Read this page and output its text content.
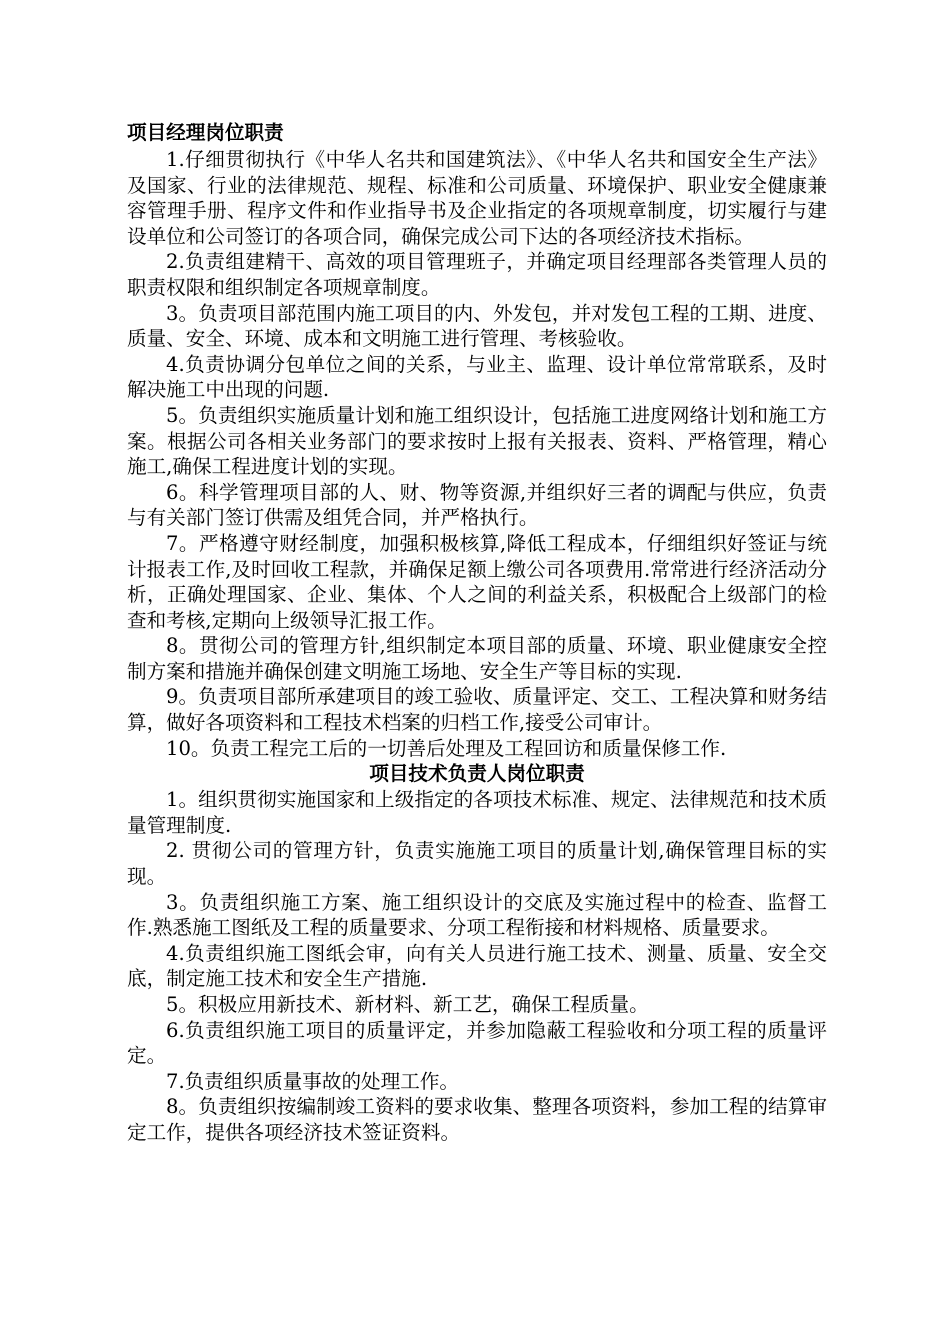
项目经理岗位职责

1.仔细贯彻执行《中华人名共和国建筑法》、《中华人名共和国安全生产法》及国家、行业的法律规范、规程、标准和公司质量、环境保护、职业安全健康兼容管理手册、程序文件和作业指导书及企业指定的各项规章制度，切实履行与建设单位和公司签订的各项合同，确保完成公司下达的各项经济技术指标。

2.负责组建精干、高效的项目管理班子，并确定项目经理部各类管理人员的职责权限和组织制定各项规章制度。

3。负责项目部范围内施工项目的内、外发包，并对发包工程的工期、进度、质量、安全、环境、成本和文明施工进行管理、考核验收。

4.负责协调分包单位之间的关系，与业主、监理、设计单位常常联系，及时解决施工中出现的问题.

5。负责组织实施质量计划和施工组织设计，包括施工进度网络计划和施工方案。根据公司各相关业务部门的要求按时上报有关报表、资料、严格管理，精心施工,确保工程进度计划的实现。

6。科学管理项目部的人、财、物等资源,并组织好三者的调配与供应，负责与有关部门签订供需及组凭合同，并严格执行。

7。严格遵守财经制度，加强积极核算,降低工程成本，仔细组织好签证与统计报表工作,及时回收工程款，并确保足额上缴公司各项费用.常常进行经济活动分析，正确处理国家、企业、集体、个人之间的利益关系，积极配合上级部门的检查和考核,定期向上级领导汇报工作。

8。贯彻公司的管理方针,组织制定本项目部的质量、环境、职业健康安全控制方案和措施并确保创建文明施工场地、安全生产等目标的实现.

9。负责项目部所承建项目的竣工验收、质量评定、交工、工程决算和财务结算，做好各项资料和工程技术档案的归档工作,接受公司审计。

10。负责工程完工后的一切善后处理及工程回访和质量保修工作.

项目技术负责人岗位职责

1。组织贯彻实施国家和上级指定的各项技术标准、规定、法律规范和技术质量管理制度.

2. 贯彻公司的管理方针，负责实施施工项目的质量计划,确保管理目标的实现。

3。负责组织施工方案、施工组织设计的交底及实施过程中的检查、监督工作.熟悉施工图纸及工程的质量要求、分项工程衔接和材料规格、质量要求。

4.负责组织施工图纸会审，向有关人员进行施工技术、测量、质量、安全交底，制定施工技术和安全生产措施.

5。积极应用新技术、新材料、新工艺，确保工程质量。

6.负责组织施工项目的质量评定，并参加隐蔽工程验收和分项工程的质量评定。

7.负责组织质量事故的处理工作。

8。负责组织按编制竣工资料的要求收集、整理各项资料，参加工程的结算审定工作，提供各项经济技术签证资料。
